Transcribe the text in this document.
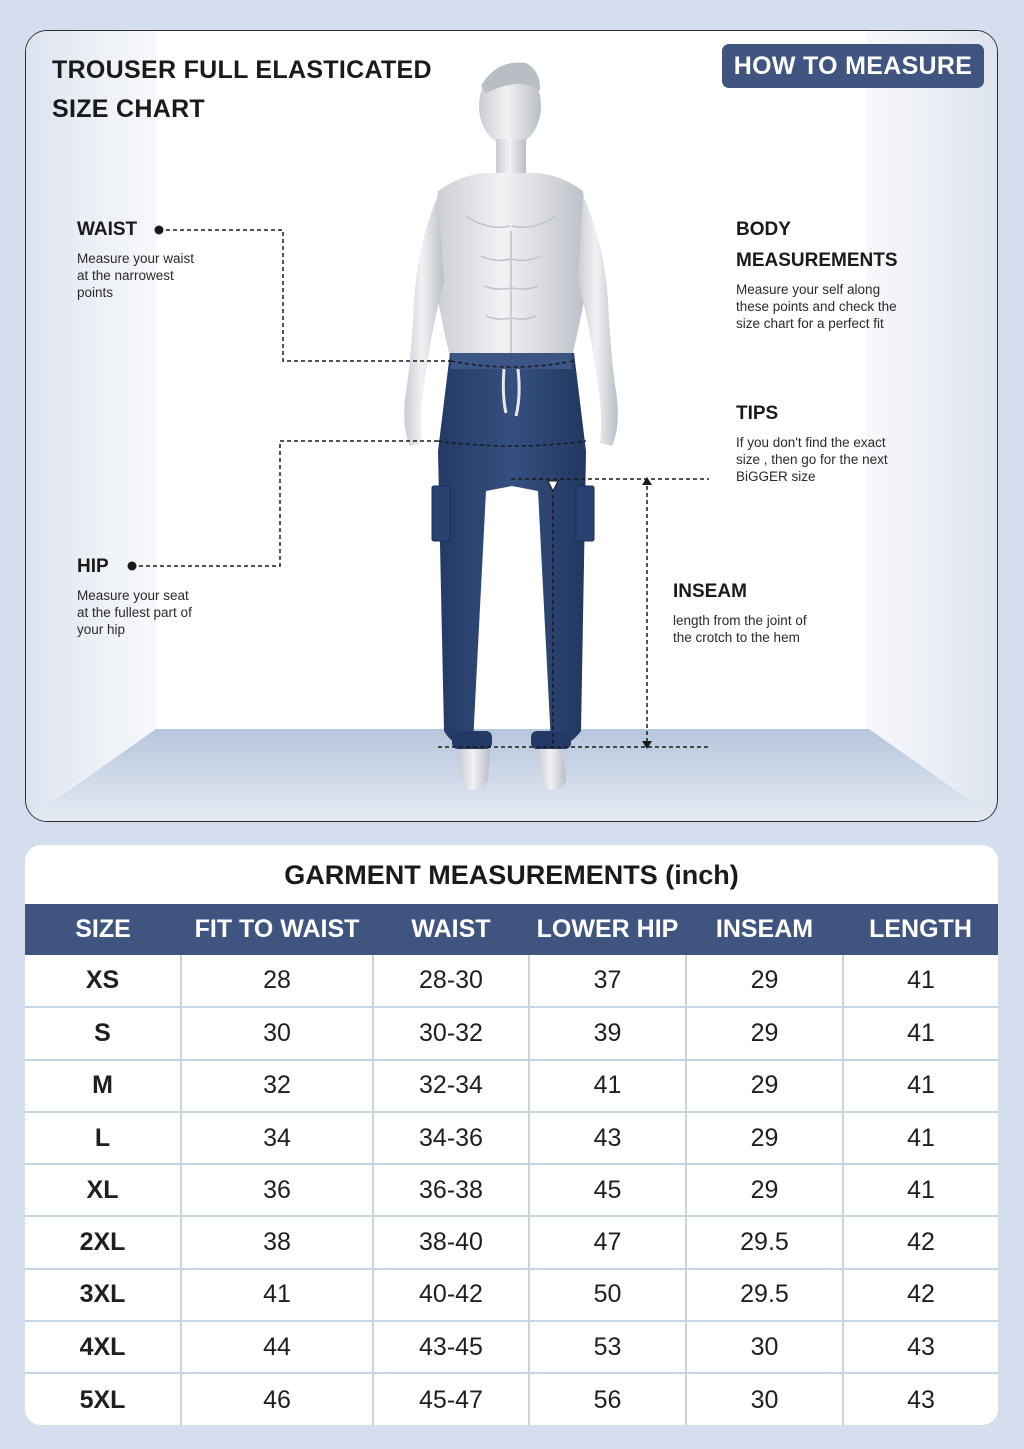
TROUSER FULL ELASTICATED
SIZE CHART
HOW TO MEASURE
WAIST
Measure your waist
at the narrowest
points
HIP
Measure your seat
at the fullest part of
your hip
BODY
MEASUREMENTS
Measure your self along
these points and check the
size chart for a perfect fit
TIPS
If you don't find the exact
size , then go for the next
BiGGER size
INSEAM
length from the joint of
the crotch to the hem
GARMENT MEASUREMENTS (inch)
SIZE	FIT TO WAIST	WAIST	LOWER HIP	INSEAM	LENGTH
XS	28	28-30	37	29	41
S	30	30-32	39	29	41
M	32	32-34	41	29	41
L	34	34-36	43	29	41
XL	36	36-38	45	29	41
2XL	38	38-40	47	29.5	42
3XL	41	40-42	50	29.5	42
4XL	44	43-45	53	30	43
5XL	46	45-47	56	30	43
